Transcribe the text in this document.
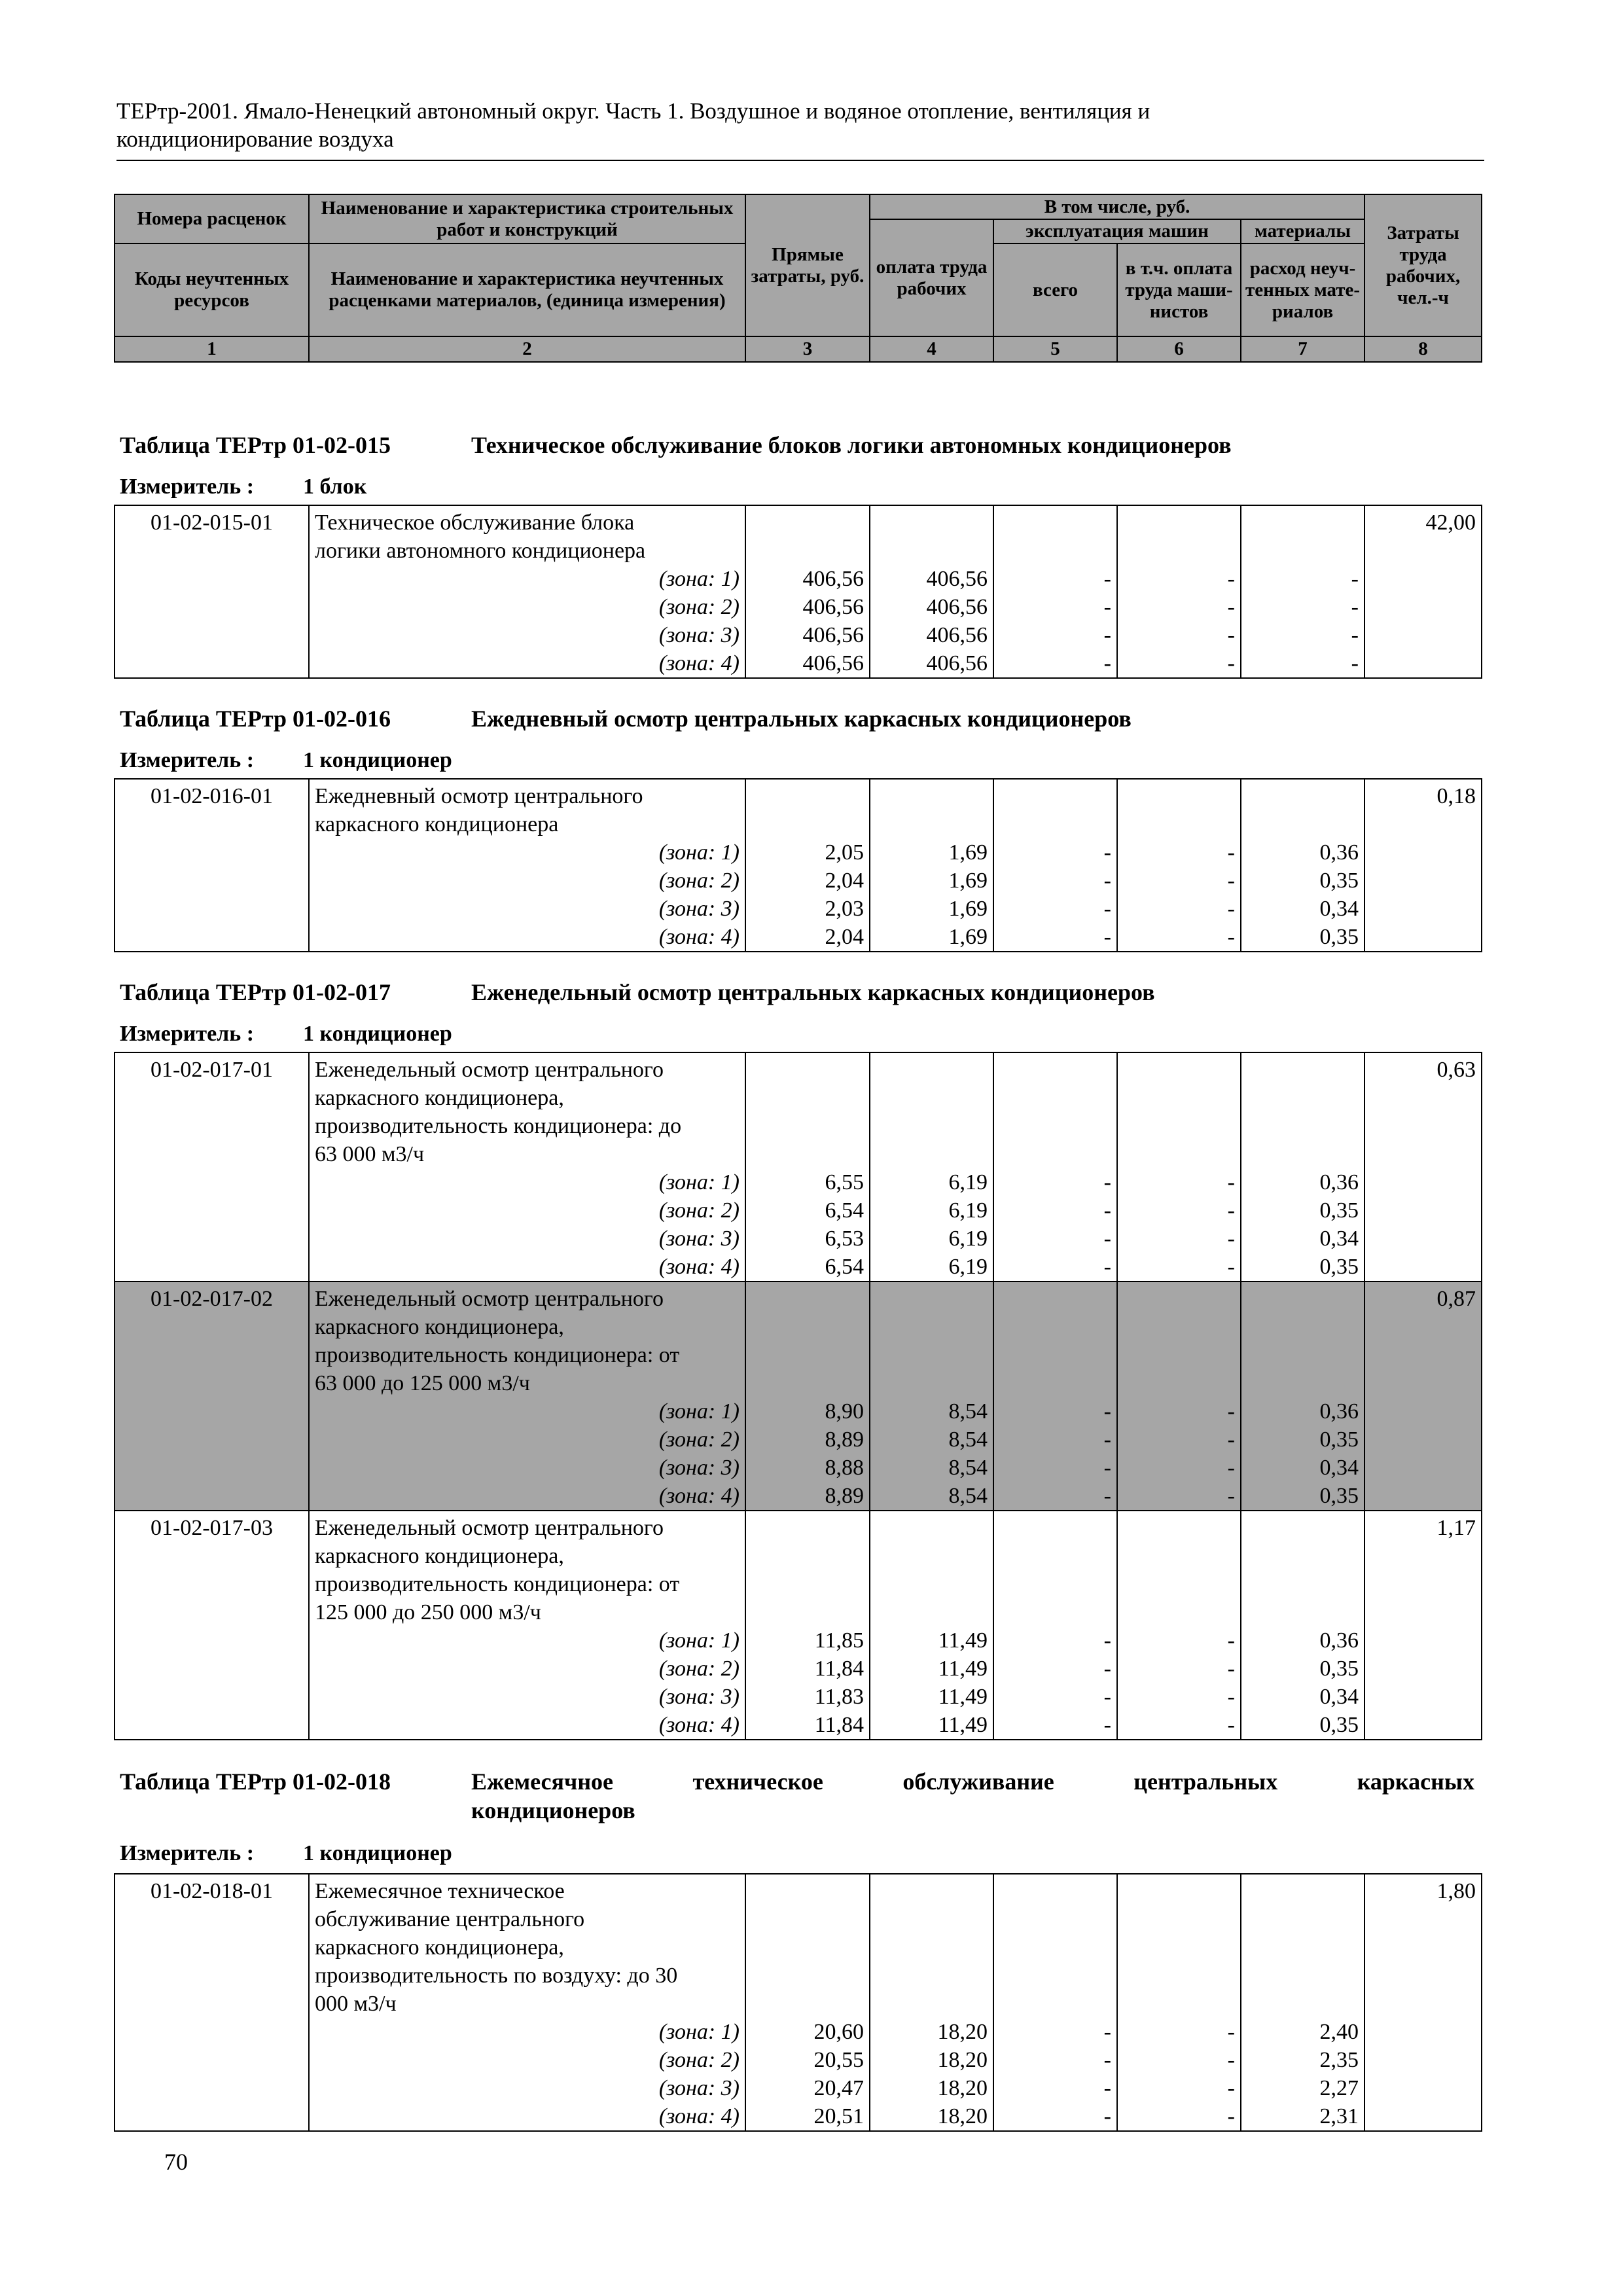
ТЕРтр-2001. Ямало-Ненецкий автономный округ. Часть 1. Воздушное и водяное отопление, вентиляция и
кондиционирование воздуха
Номера расценок	Наименование и характеристика строительных работ и конструкций	Прямые затраты, руб.	В том числе, руб.				Затраты труда рабочих, чел.-ч
			оплата труда рабочих	эксплуатация машин		материалы	
Коды неучтенных ресурсов	Наименование и характеристика неучтенных расценками материалов, (единица измерения)			всего	в т.ч. оплата труда маши-нистов	расход неуч-тенных мате-риалов	

1	2	3	4	5	6	7	8
Таблица ТЕРтр 01-02-015	Техническое обслуживание блоков логики автономных кондиционеров
Измеритель : 1 блок
01-02-015-01	Техническое обслуживание блока						42,00
	логики автономного кондиционера						
	(зона: 1)	406,56	406,56	-	-	-	
	(зона: 2)	406,56	406,56	-	-	-	
	(зона: 3)	406,56	406,56	-	-	-	
	(зона: 4)	406,56	406,56	-	-	-	
Таблица ТЕРтр 01-02-016	Ежедневный осмотр центральных каркасных кондиционеров
Измеритель : 1 кондиционер
01-02-016-01	Ежедневный осмотр центрального						0,18
	каркасного кондиционера						
	(зона: 1)	2,05	1,69	-	-	0,36	
	(зона: 2)	2,04	1,69	-	-	0,35	
	(зона: 3)	2,03	1,69	-	-	0,34	
	(зона: 4)	2,04	1,69	-	-	0,35	
Таблица ТЕРтр 01-02-017	Еженедельный осмотр центральных каркасных кондиционеров
Измеритель : 1 кондиционер
01-02-017-01	Еженедельный осмотр центрального						0,63
	каркасного кондиционера,						
	производительность кондиционера: до						
	63 000 м3/ч						
	(зона: 1)	6,55	6,19	-	-	0,36	
	(зона: 2)	6,54	6,19	-	-	0,35	
	(зона: 3)	6,53	6,19	-	-	0,34	
	(зона: 4)	6,54	6,19	-	-	0,35	
01-02-017-02	Еженедельный осмотр центрального						0,87
	каркасного кондиционера,						
	производительность кондиционера: от						
	63 000 до 125 000 м3/ч						
	(зона: 1)	8,90	8,54	-	-	0,36	
	(зона: 2)	8,89	8,54	-	-	0,35	
	(зона: 3)	8,88	8,54	-	-	0,34	
	(зона: 4)	8,89	8,54	-	-	0,35	
01-02-017-03	Еженедельный осмотр центрального						1,17
	каркасного кондиционера,						
	производительность кондиционера: от						
	125 000 до 250 000 м3/ч						
	(зона: 1)	11,85	11,49	-	-	0,36	
	(зона: 2)	11,84	11,49	-	-	0,35	
	(зона: 3)	11,83	11,49	-	-	0,34	
	(зона: 4)	11,84	11,49	-	-	0,35	
Таблица ТЕРтр 01-02-018	Ежемесячное	техническое	обслуживание	центральных	каркасных
кондиционеров
Измеритель : 1 кондиционер
01-02-018-01	Ежемесячное техническое						1,80
	обслуживание центрального						
	каркасного кондиционера,						
	производительность по воздуху: до 30						
	000 м3/ч						
	(зона: 1)	20,60	18,20	-	-	2,40	
	(зона: 2)	20,55	18,20	-	-	2,35	
	(зона: 3)	20,47	18,20	-	-	2,27	
	(зона: 4)	20,51	18,20	-	-	2,31	
70
